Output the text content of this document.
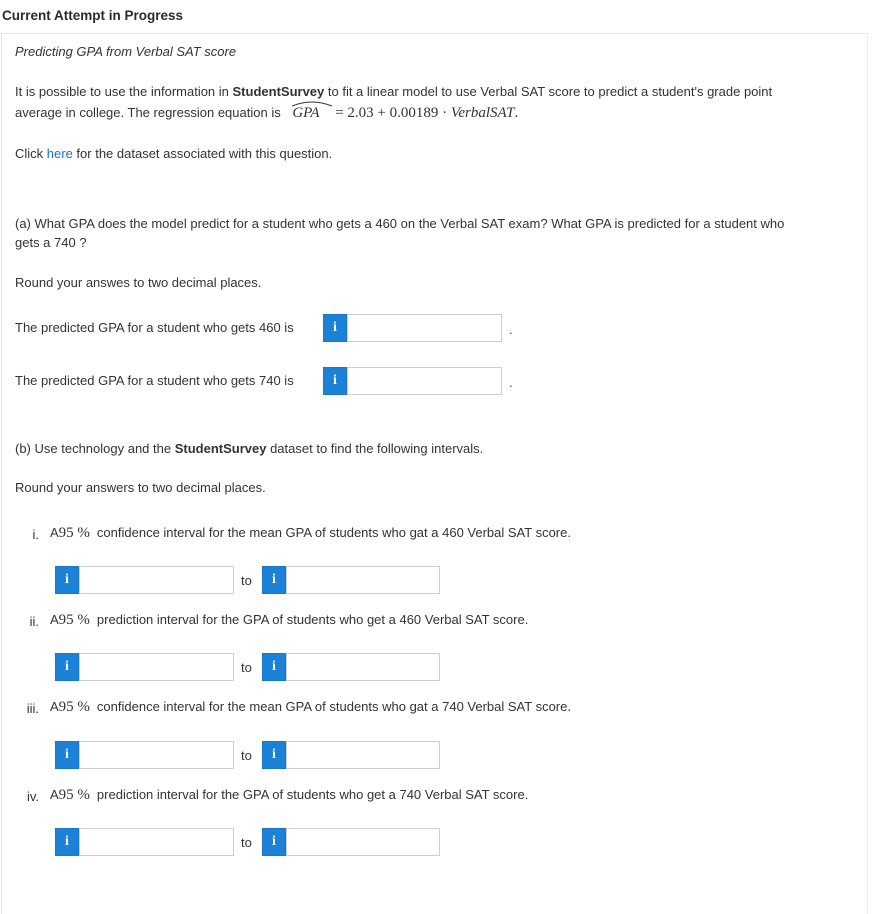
Current Attempt in Progress
Predicting GPA from Verbal SAT score
It is possible to use the information in StudentSurvey to fit a linear model to use Verbal SAT score to predict a student's grade point
average in college. The regression equation is
GPA = 2.03 + 0.00189 · VerbalSAT.
Click here for the dataset associated with this question.
(a) What GPA does the model predict for a student who gets a 460 on the Verbal SAT exam? What GPA is predicted for a student who
gets a 740 ?
Round your answes to two decimal places.
The predicted GPA for a student who gets 460 is	i	.
The predicted GPA for a student who gets 740 is	i	.
(b) Use technology and the StudentSurvey dataset to find the following intervals.
Round your answers to two decimal places.
i. A95 % confidence interval for the mean GPA of students who gat a 460 Verbal SAT score.
i	to i
ii. A95 % prediction interval for the GPA of students who get a 460 Verbal SAT score.
i	to i
iii. A95 % confidence interval for the mean GPA of students who gat a 740 Verbal SAT score.
i	to i
iv. A95 % prediction interval for the GPA of students who get a 740 Verbal SAT score.
i	to i
